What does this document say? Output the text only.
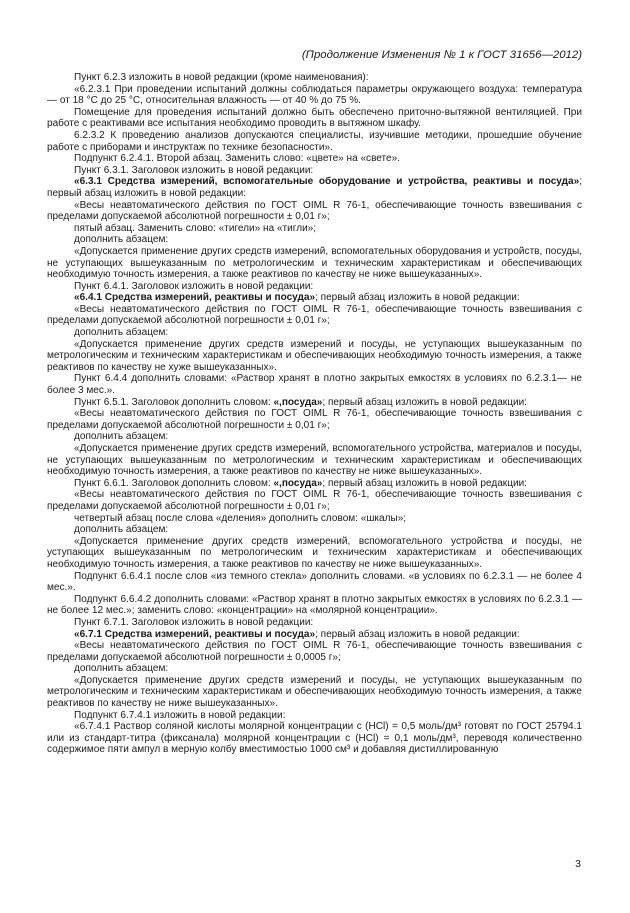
(Продолжение Изменения № 1 к ГОСТ 31656—2012)

Пункт 6.2.3 изложить в новой редакции (кроме наименования):

«6.2.3.1 При проведении испытаний должны соблюдаться параметры окружающего воздуха: температура — от 18 °С до 25 °С, относительная влажность — от 40 % до 75 %.

Помещение для проведения испытаний должно быть обеспечено приточно-вытяжной вентиляцией. При работе с реактивами все испытания необходимо проводить в вытяжном шкафу.

6.2.3.2 К проведению анализов допускаются специалисты, изучившие методики, прошедшие обучение работе с приборами и инструктаж по технике безопасности».

Подпункт 6.2.4.1. Второй абзац. Заменить слово: «цвете» на «свете».

Пункт 6.3.1. Заголовок изложить в новой редакции:

«6.3.1 Средства измерений, вспомогательные оборудование и устройства, реактивы и посуда»; первый абзац изложить в новой редакции:

«Весы неавтоматического действия по ГОСТ OIML R 76-1, обеспечивающие точность взвешивания с пределами допускаемой абсолютной погрешности ± 0,01 г»;

пятый абзац. Заменить слово: «тигели» на «тигли»;

дополнить абзацем:

«Допускается применение других средств измерений, вспомогательных оборудования и устройств, посуды, не уступающих вышеуказанным по метрологическим и техническим характеристикам и обеспечивающих необходимую точность измерения, а также реактивов по качеству не ниже вышеуказанных».

Пункт 6.4.1. Заголовок изложить в новой редакции:

«6.4.1 Средства измерений, реактивы и посуда»; первый абзац изложить в новой редакции:

«Весы неавтоматического действия по ГОСТ OIML R 76-1, обеспечивающие точность взвешивания с пределами допускаемой абсолютной погрешности ± 0,01 г»;

дополнить абзацем:

«Допускается применение других средств измерений и посуды, не уступающих вышеуказанным по метрологическим и техническим характеристикам и обеспечивающих необходимую точность измерения, а также реактивов по качеству не хуже вышеуказанных».

Пункт 6.4.4 дополнить словами: «Раствор хранят в плотно закрытых емкостях в условиях по 6.2.3.1— не более 3 мес.».

Пункт 6.5.1. Заголовок дополнить словом: «,посуда»; первый абзац изложить в новой редакции:

«Весы неавтоматического действия по ГОСТ OIML R 76-1, обеспечивающие точность взвешивания с пределами допускаемой абсолютной погрешности ± 0,01 г»;

дополнить абзацем:

«Допускается применение других средств измерений, вспомогательного устройства, материалов и посуды, не уступающих вышеуказанным по метрологическим и техническим характеристикам и обеспечивающих необходимую точность измерения, а также реактивов по качеству не ниже вышеуказанных».

Пункт 6.6.1. Заголовок дополнить словом: «,посуда»; первый абзац изложить в новой редакции:

«Весы неавтоматического действия по ГОСТ OIML R 76-1, обеспечивающие точность взвешивания с пределами допускаемой абсолютной погрешности ± 0,01 г»;

четвертый абзац после слова «деления» дополнить словом: «шкалы»;

дополнить абзацем:

«Допускается применение других средств измерений, вспомогательного устройства и посуды, не уступающих вышеуказанным по метрологическим и техническим характеристикам и обеспечивающих необходимую точность измерения, а также реактивов по качеству не ниже вышеуказанных».

Подпункт 6.6.4.1 после слов «из темного стекла» дополнить словами. «в условиях по 6.2.3.1 — не более 4 мес.».

Подпункт 6.6.4.2 дополнить словами: «Раствор хранят в плотно закрытых емкостях в условиях по 6.2.3.1 — не более 12 мес.»; заменить слово: «концентрации» на «молярной концентрации».

Пункт 6.7.1. Заголовок изложить в новой редакции:

«6.7.1 Средства измерений, реактивы и посуда»; первый абзац изложить в новой редакции:

«Весы неавтоматического действия по ГОСТ OIML R 76-1, обеспечивающие точность взвешивания с пределами допускаемой абсолютной погрешности ± 0,0005 г»;

дополнить абзацем:

«Допускается применение других средств измерений и посуды, не уступающих вышеуказанным по метрологическим и техническим характеристикам и обеспечивающих необходимую точность измерения, а также реактивов по качеству не ниже вышеуказанных».

Подпункт 6.7.4.1 изложить в новой редакции:

«6.7.4.1 Раствор соляной кислоты молярной концентрации c (HCl) = 0,5 моль/дм³ готовят по ГОСТ 25794.1 или из стандарт-титра (фиксанала) молярной концентрации c (HCl) = 0,1 моль/дм³, переводя количественно содержимое пяти ампул в мерную колбу вместимостью 1000 см³ и добавляя дистиллированную

3
